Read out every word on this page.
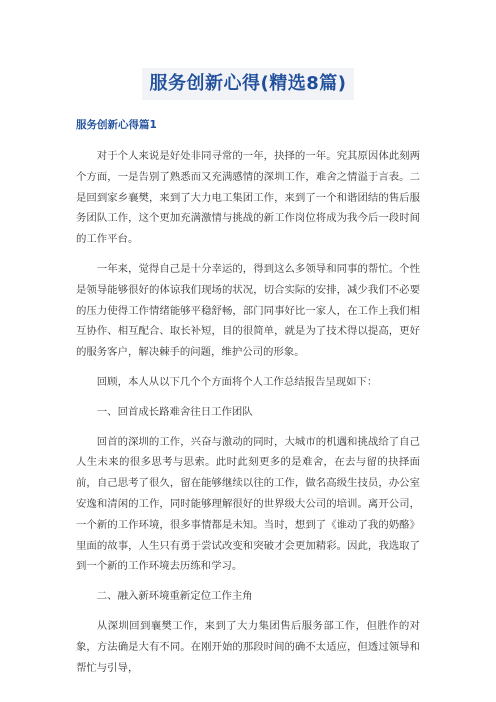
服务创新心得(精选8篇)
服务创新心得篇1

对于个人来说是好处非同寻常的一年，抉择的一年。究其原因体此刻两个方面，一是告别了熟悉而又充满感情的深圳工作，难舍之情溢于言表。二是回到家乡襄樊，来到了大力电工集团工作，来到了一个和谐团结的售后服务团队工作，这个更加充满激情与挑战的新工作岗位将成为我今后一段时间的工作平台。

一年来，觉得自己是十分幸运的，得到这么多领导和同事的帮忙。个性是领导能够很好的体谅我们现场的状况，切合实际的安排，减少我们不必要的压力使得工作情绪能够平稳舒畅，部门同事好比一家人，在工作上我们相互协作、相互配合、取长补短，目的很简单，就是为了技术得以提高，更好的服务客户，解决棘手的问题，维护公司的形象。

回顾，本人从以下几个个方面将个人工作总结报告呈现如下：

一、回首成长路难舍往日工作团队

回首的深圳的工作，兴奋与激动的同时，大城市的机遇和挑战给了自己人生未来的很多思考与思索。此时此刻更多的是难舍，在去与留的抉择面前，自己思考了很久，留在能够继续以往的工作，做名高级生技员，办公室安逸和清闲的工作，同时能够理解很好的世界级大公司的培训。离开公司，一个新的工作环境，很多事情都是未知。当时，想到了《谁动了我的奶酪》里面的故事，人生只有勇于尝试改变和突破才会更加精彩。因此，我选取了到一个新的工作环境去历练和学习。

二、融入新环境重新定位工作主角

从深圳回到襄樊工作，来到了大力集团售后服务部工作，但胜作的对象，方法确是大有不同。在刚开始的那段时间的确不太适应，但透过领导和帮忙与引导，
